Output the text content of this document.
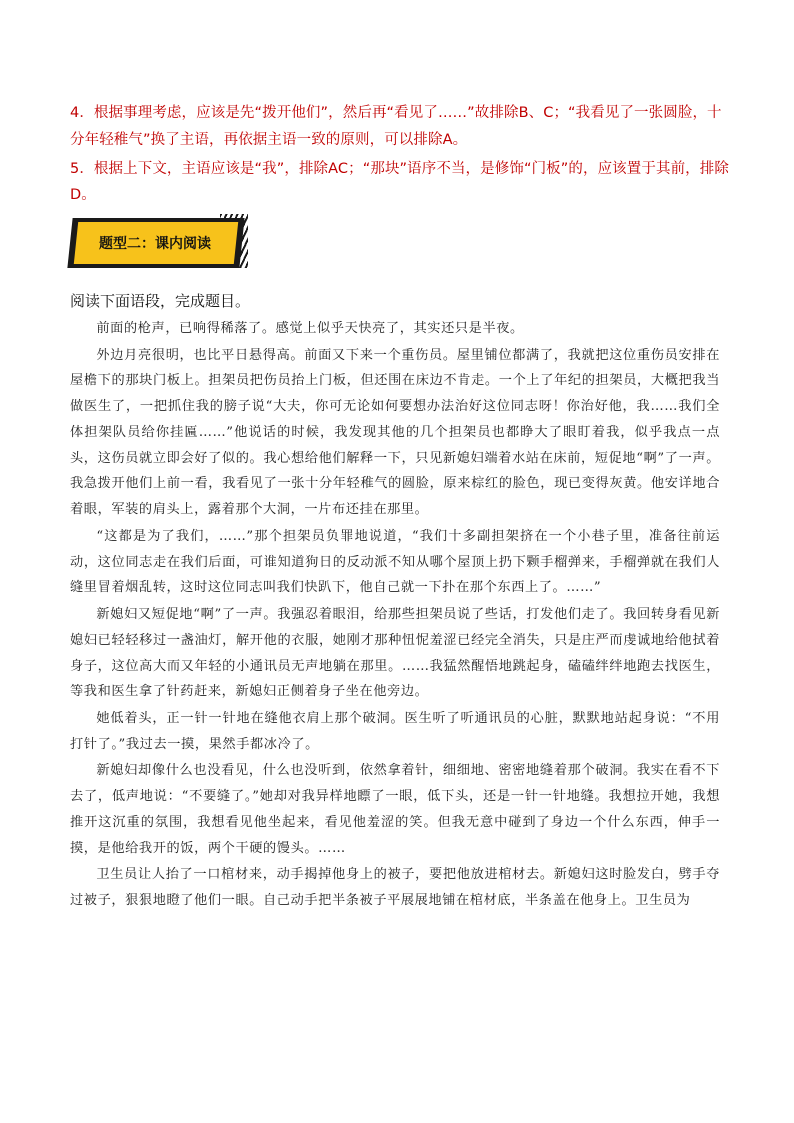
4．根据事理考虑，应该是先“拨开他们”，然后再“看见了……”故排除B、C；“我看见了一张圆脸，十分年轻稚气”换了主语，再依据主语一致的原则，可以排除A。

5．根据上下文，主语应该是“我”，排除AC；“那块”语序不当，是修饰“门板”的，应该置于其前，排除D。

题型二：课内阅读
阅读下面语段，完成题目。

前面的枪声，已响得稀落了。感觉上似乎天快亮了，其实还只是半夜。

外边月亮很明，也比平日悬得高。前面又下来一个重伤员。屋里铺位都满了，我就把这位重伤员安排在屋檐下的那块门板上。担架员把伤员抬上门板，但还围在床边不肯走。一个上了年纪的担架员，大概把我当做医生了，一把抓住我的膀子说“大夫，你可无论如何要想办法治好这位同志呀！你治好他，我……我们全体担架队员给你挂匾……”他说话的时候，我发现其他的几个担架员也都睁大了眼盯着我，似乎我点一点头，这伤员就立即会好了似的。我心想给他们解释一下，只见新媳妇端着水站在床前，短促地“啊”了一声。我急拨开他们上前一看，我看见了一张十分年轻稚气的圆脸，原来棕红的脸色，现已变得灰黄。他安详地合着眼，军装的肩头上，露着那个大洞，一片布还挂在那里。

“这都是为了我们，……”那个担架员负罪地说道，“我们十多副担架挤在一个小巷子里，准备往前运动，这位同志走在我们后面，可谁知道狗日的反动派不知从哪个屋顶上扔下颗手榴弹来，手榴弹就在我们人缝里冒着烟乱转，这时这位同志叫我们快趴下，他自己就一下扑在那个东西上了。……”

新媳妇又短促地“啊”了一声。我强忍着眼泪，给那些担架员说了些话，打发他们走了。我回转身看见新媳妇已轻轻移过一盏油灯，解开他的衣服，她刚才那种忸怩羞涩已经完全消失，只是庄严而虔诚地给他拭着身子，这位高大而又年轻的小通讯员无声地躺在那里。……我猛然醒悟地跳起身，磕磕绊绊地跑去找医生，等我和医生拿了针药赶来，新媳妇正侧着身子坐在他旁边。

她低着头，正一针一针地在缝他衣肩上那个破洞。医生听了听通讯员的心脏，默默地站起身说：“不用打针了。”我过去一摸，果然手都冰冷了。

新媳妇却像什么也没看见，什么也没听到，依然拿着针，细细地、密密地缝着那个破洞。我实在看不下去了，低声地说：“不要缝了。”她却对我异样地瞟了一眼，低下头，还是一针一针地缝。我想拉开她，我想推开这沉重的氛围，我想看见他坐起来，看见他羞涩的笑。但我无意中碰到了身边一个什么东西，伸手一摸，是他给我开的饭，两个干硬的馒头。……

卫生员让人抬了一口棺材来，动手揭掉他身上的被子，要把他放进棺材去。新媳妇这时脸发白，劈手夺过被子，狠狠地瞪了他们一眼。自己动手把半条被子平展展地铺在棺材底，半条盖在他身上。卫生员为
